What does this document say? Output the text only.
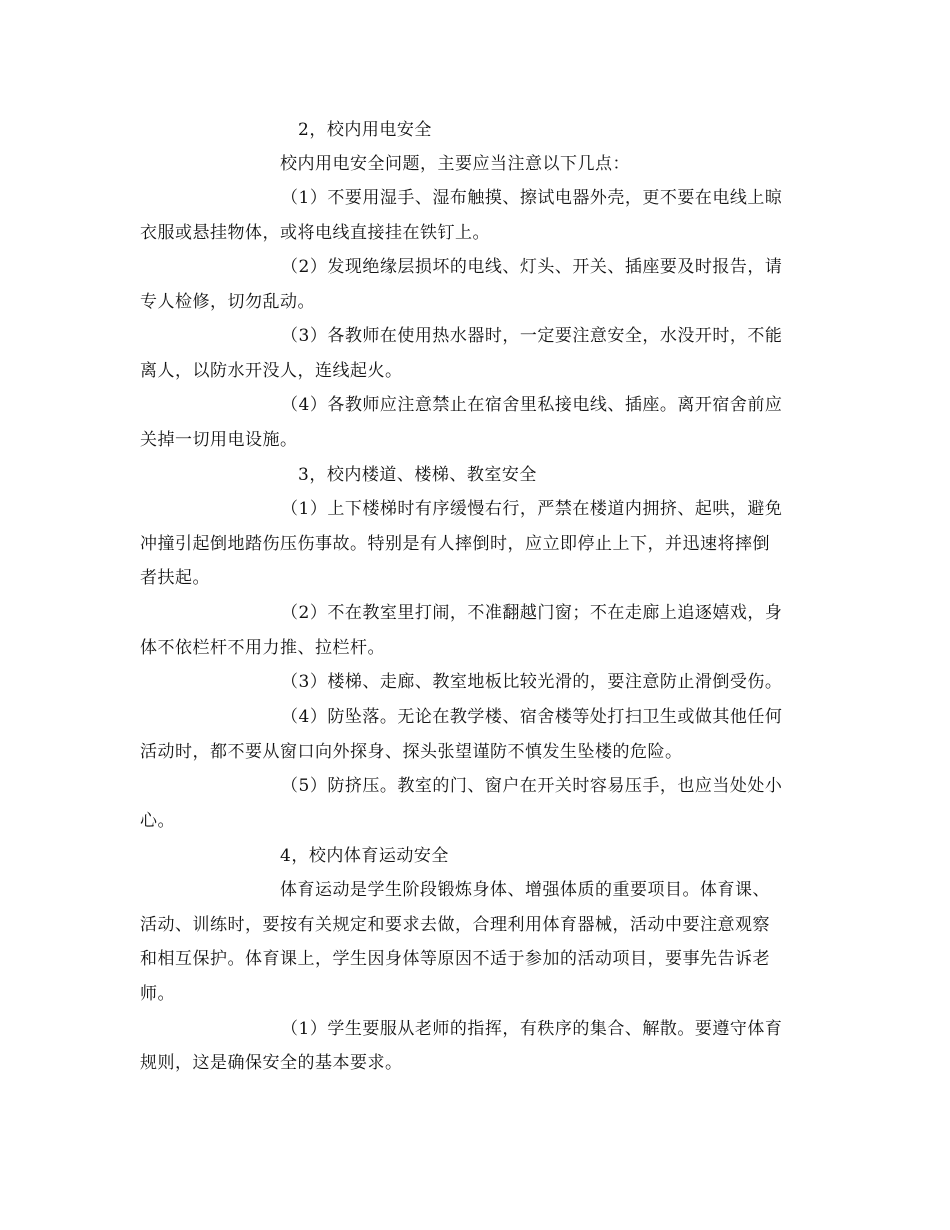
2，校内用电安全
校内用电安全问题，主要应当注意以下几点：
（1）不要用湿手、湿布触摸、擦试电器外壳，更不要在电线上晾
衣服或悬挂物体，或将电线直接挂在铁钉上。
（2）发现绝缘层损坏的电线、灯头、开关、插座要及时报告，请
专人检修，切勿乱动。
（3）各教师在使用热水器时，一定要注意安全，水没开时，不能
离人，以防水开没人，连线起火。
（4）各教师应注意禁止在宿舍里私接电线、插座。离开宿舍前应
关掉一切用电设施。
3，校内楼道、楼梯、教室安全
（1）上下楼梯时有序缓慢右行，严禁在楼道内拥挤、起哄，避免
冲撞引起倒地踏伤压伤事故。特别是有人摔倒时，应立即停止上下，并迅速将摔倒
者扶起。
（2）不在教室里打闹，不准翻越门窗；不在走廊上追逐嬉戏，身
体不依栏杆不用力推、拉栏杆。
（3）楼梯、走廊、教室地板比较光滑的，要注意防止滑倒受伤。
（4）防坠落。无论在教学楼、宿舍楼等处打扫卫生或做其他任何
活动时，都不要从窗口向外探身、探头张望谨防不慎发生坠楼的危险。
（5）防挤压。教室的门、窗户在开关时容易压手，也应当处处小
心。
4，校内体育运动安全
体育运动是学生阶段锻炼身体、增强体质的重要项目。体育课、
活动、训练时，要按有关规定和要求去做，合理利用体育器械，活动中要注意观察
和相互保护。体育课上，学生因身体等原因不适于参加的活动项目，要事先告诉老
师。
（1）学生要服从老师的指挥，有秩序的集合、解散。要遵守体育
规则，这是确保安全的基本要求。
